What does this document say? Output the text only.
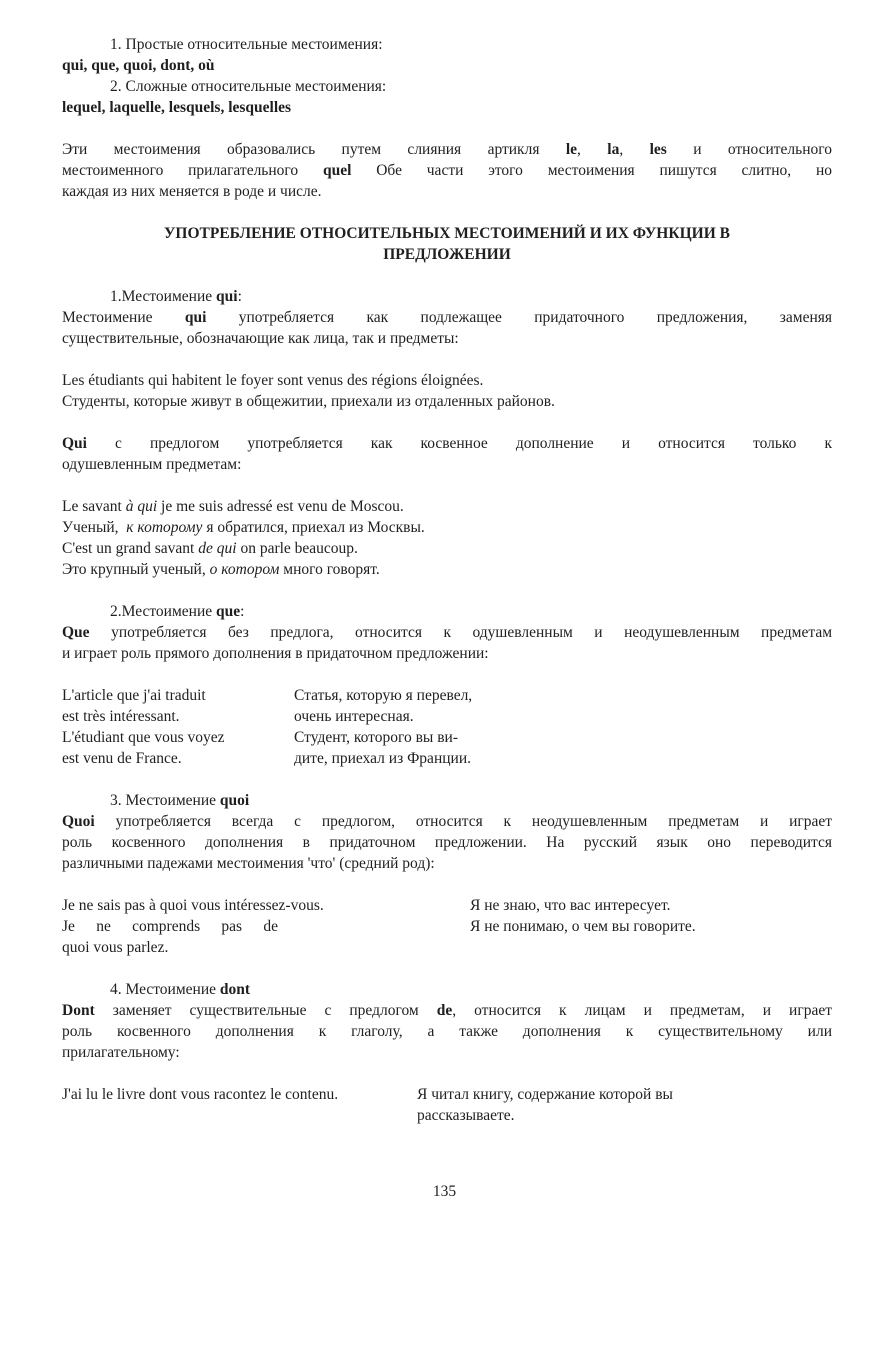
1. Простые относительные местоимения:
qui, que, quoi, dont, où
2. Сложные относительные местоимения:
lequel, laquelle, lesquels, lesquelles
Эти местоимения образовались путем слияния артикля le, la, les и относительного
местоименного прилагательного quel Обе части этого местоимения пишутся слитно, но
каждая из них меняется в роде и числе.
УПОТРЕБЛЕНИЕ ОТНОСИТЕЛЬНЫХ МЕСТОИМЕНИЙ И ИХ ФУНКЦИИ В
ПРЕДЛОЖЕНИИ
1.Местоимение qui:
Местоимение qui употребляется как подлежащее придаточного предложения, заменяя
существительные, обозначающие как лица, так и предметы:
Les étudiants qui habitent le foyer sont venus des régions éloignées.
Студенты, которые живут в общежитии, приехали из отдаленных районов.
Qui с предлогом употребляется как косвенное дополнение и относится только к
одушевленным предметам:
Le savant à qui je me suis adressé est venu de Moscou.
Ученый, к которому я обратился, приехал из Москвы.
C'est un grand savant de qui on parle beaucoup.
Это крупный ученый, о котором много говорят.
2.Местоимение que:
Que употребляется без предлога, относится к одушевленным и неодушевленным предметам
и играет роль прямого дополнения в придаточном предложении:
L'article que j'ai traduit	Статья, которую я перевел,
est très intéressant.	очень интересная.
L'étudiant que vous voyez	Студент, которого вы ви-
est venu de France.	дите, приехал из Франции.
3. Местоимение quoi
Quoi употребляется всегда с предлогом, относится к неодушевленным предметам и играет
роль косвенного дополнения в придаточном предложении. На русский язык оно переводится
различными падежами местоимения 'что' (средний род):
Je ne sais pas à quoi vous intéressez-vous.	Я не знаю, что вас интересует.
Je ne comprends pas de	Я не понимаю, о чем вы говорите.
quoi vous parlez.
4. Местоимение dont
Dont заменяет существительные с предлогом de, относится к лицам и предметам, и играет
роль косвенного дополнения к глаголу, а также дополнения к существительному или
прилагательному:
J'ai lu le livre dont vous racontez le contenu.	Я читал книгу, содержание которой вы
рассказываете.
135
